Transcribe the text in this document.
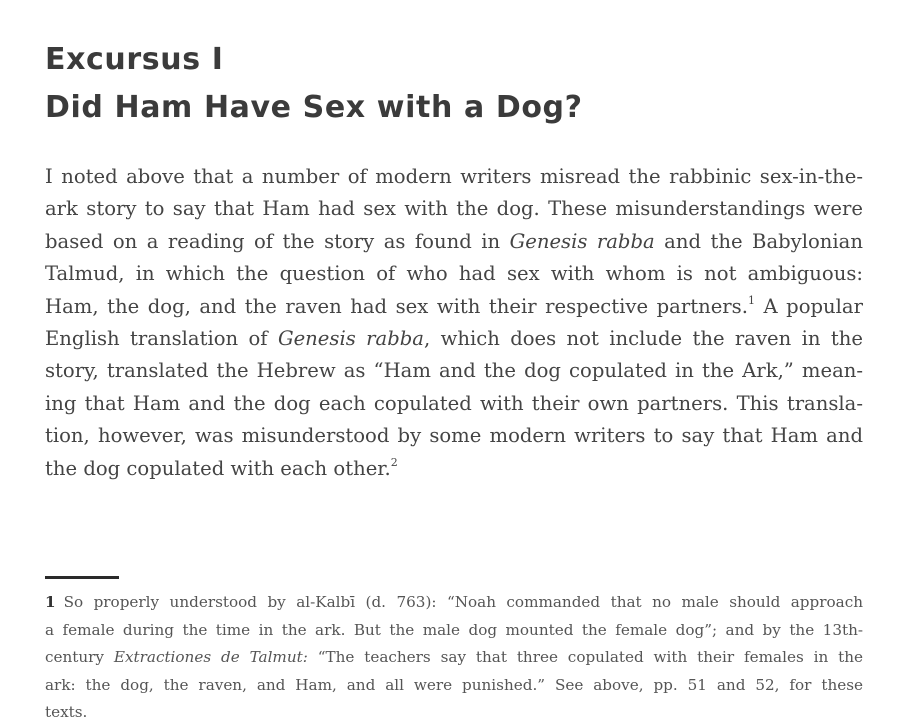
Excursus I
Did Ham Have Sex with a Dog?
I noted above that a number of modern writers misread the rabbinic sex-in-the-
ark story to say that Ham had sex with the dog. These misunderstandings were
based on a reading of the story as found in Genesis rabba and the Babylonian
Talmud, in which the question of who had sex with whom is not ambiguous:
Ham, the dog, and the raven had sex with their respective partners.$^1$ A popular
English translation of Genesis rabba, which does not include the raven in the
story, translated the Hebrew as “Ham and the dog copulated in the Ark,” mean-
ing that Ham and the dog each copulated with their own partners. This transla-
tion, however, was misunderstood by some modern writers to say that Ham and
the dog copulated with each other.$^2$
1 So properly understood by al-Kalbī (d. 763): “Noah commanded that no male should approach
a female during the time in the ark. But the male dog mounted the female dog”; and by the 13th-
century Extractiones de Talmut: “The teachers say that three copulated with their females in the
ark: the dog, the raven, and Ham, and all were punished.” See above, pp. 51 and 52, for these
texts.
